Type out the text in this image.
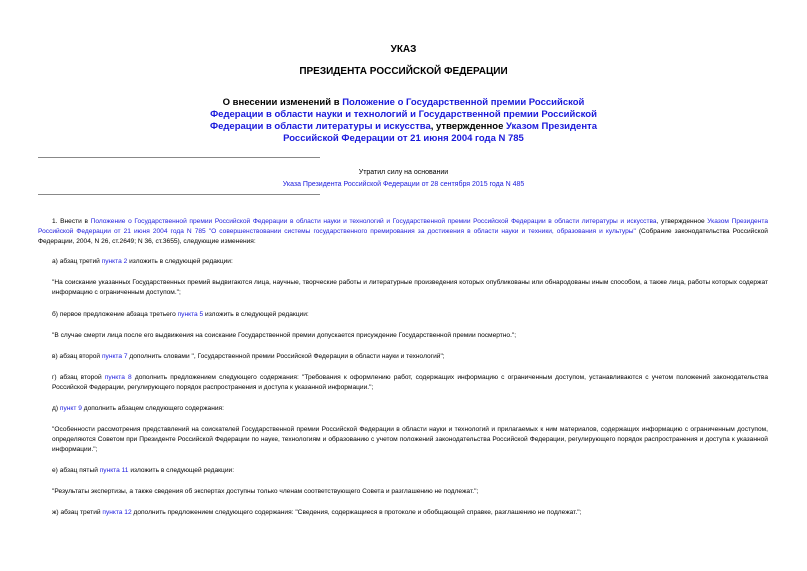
УКАЗ
ПРЕЗИДЕНТА РОССИЙСКОЙ ФЕДЕРАЦИИ
О внесении изменений в Положение о Государственной премии Российской Федерации в области науки и технологий и Государственной премии Российской Федерации в области литературы и искусства, утвержденное Указом Президента Российской Федерации от 21 июня 2004 года N 785
Утратил силу на основании
Указа Президента Российской Федерации от 28 сентября 2015 года N 485
1. Внести в Положение о Государственной премии Российской Федерации в области науки и технологий и Государственной премии Российской Федерации в области литературы и искусства, утвержденное Указом Президента Российской Федерации от 21 июня 2004 года N 785 "О совершенствовании системы государственного премирования за достижения в области науки и техники, образования и культуры" (Собрание законодательства Российской Федерации, 2004, N 26, ст.2649; N 36, ст.3655), следующие изменения:
а) абзац третий пункта 2 изложить в следующей редакции:
"На соискание указанных Государственных премий выдвигаются лица, научные, творческие работы и литературные произведения которых опубликованы или обнародованы иным способом, а также лица, работы которых содержат информацию с ограниченным доступом.";
б) первое предложение абзаца третьего пункта 5 изложить в следующей редакции:
"В случае смерти лица после его выдвижения на соискание Государственной премии допускается присуждение Государственной премии посмертно.";
в) абзац второй пункта 7 дополнить словами ", Государственной премии Российской Федерации в области науки и технологий";
г) абзац второй пункта 8 дополнить предложением следующего содержания: "Требования к оформлению работ, содержащих информацию с ограниченным доступом, устанавливаются с учетом положений законодательства Российской Федерации, регулирующего порядок распространения и доступа к указанной информации.";
д) пункт 9 дополнить абзацем следующего содержания:
"Особенности рассмотрения представлений на соискателей Государственной премии Российской Федерации в области науки и технологий и прилагаемых к ним материалов, содержащих информацию с ограниченным доступом, определяются Советом при Президенте Российской Федерации по науке, технологиям и образованию с учетом положений законодательства Российской Федерации, регулирующего порядок распространения и доступа к указанной информации.";
е) абзац пятый пункта 11 изложить в следующей редакции:
"Результаты экспертизы, а также сведения об экспертах доступны только членам соответствующего Совета и разглашению не подлежат.";
ж) абзац третий пункта 12 дополнить предложением следующего содержания: "Сведения, содержащиеся в протоколе и обобщающей справке, разглашению не подлежат.";
